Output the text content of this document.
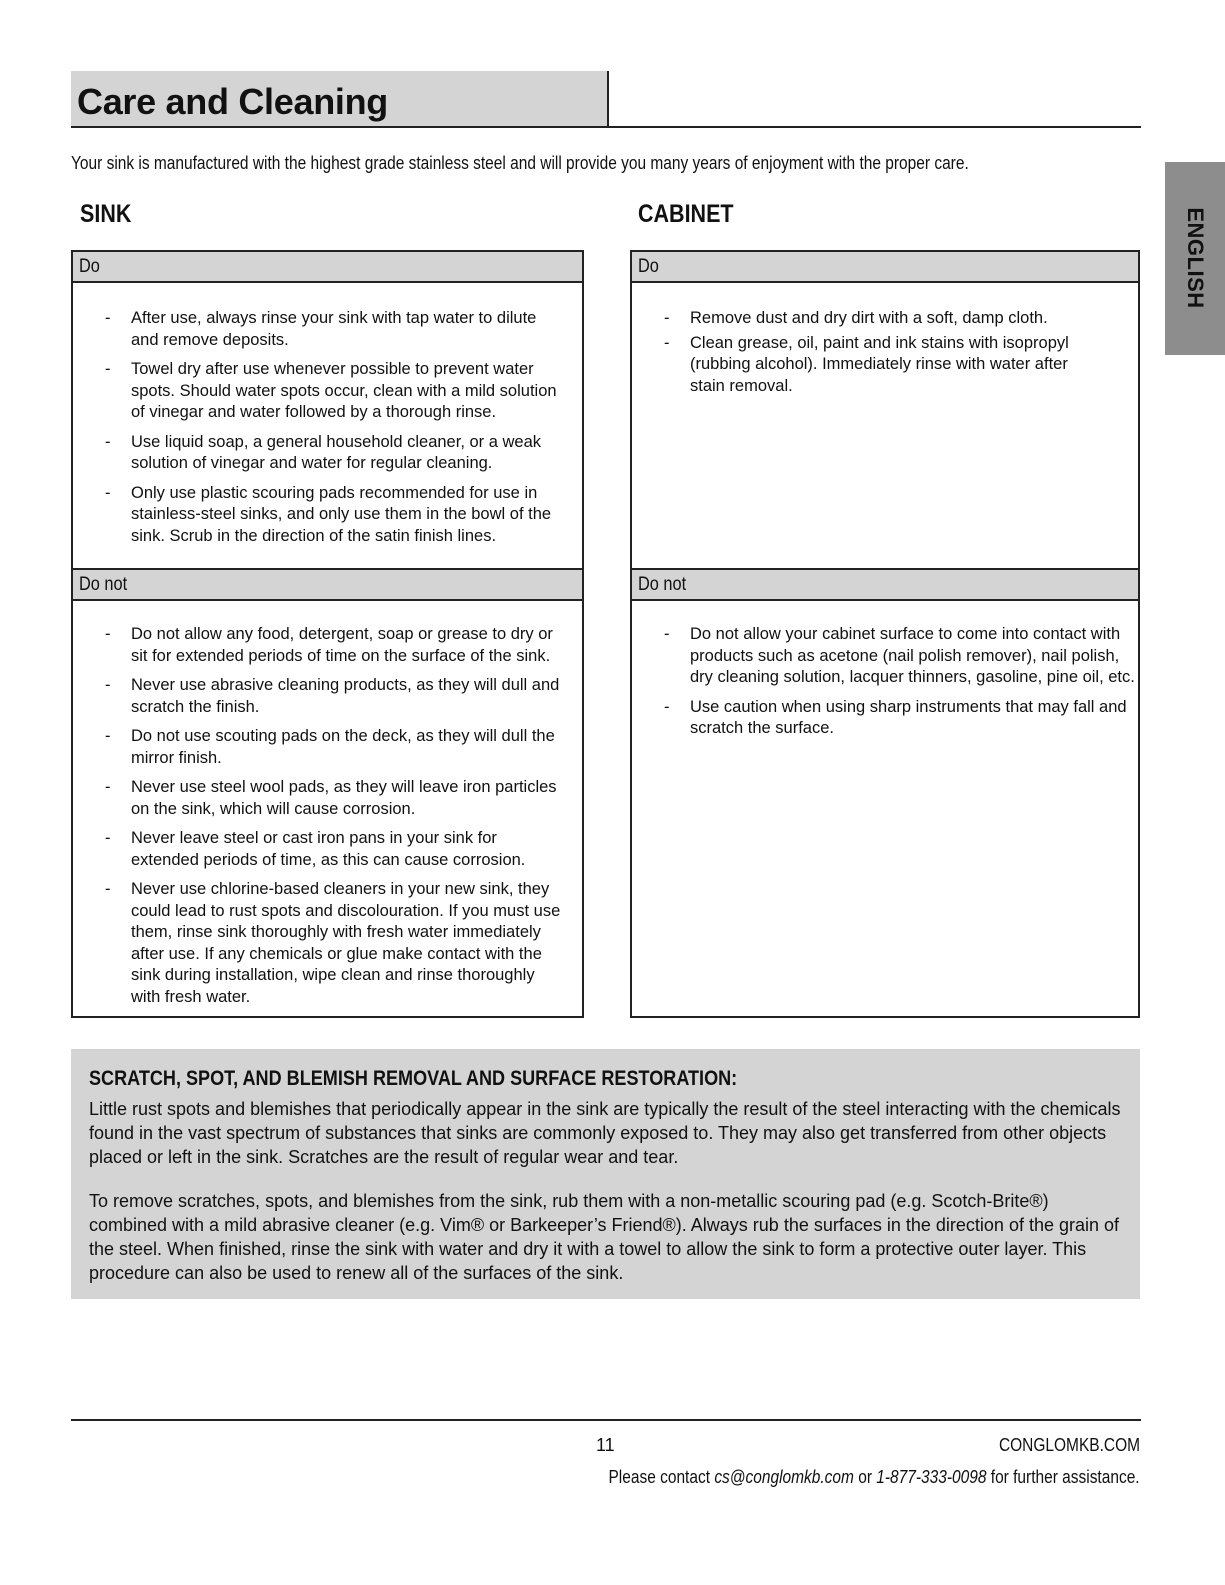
Care and Cleaning
Your sink is manufactured with the highest grade stainless steel and will provide you many years of enjoyment with the proper care.
ENGLISH
SINK	CABINET
Do
- After use, always rinse your sink with tap water to dilute and remove deposits.
- Towel dry after use whenever possible to prevent water spots. Should water spots occur, clean with a mild solution of vinegar and water followed by a thorough rinse.
- Use liquid soap, a general household cleaner, or a weak solution of vinegar and water for regular cleaning.
- Only use plastic scouring pads recommended for use in stainless-steel sinks, and only use them in the bowl of the sink. Scrub in the direction of the satin finish lines.
Do not
- Do not allow any food, detergent, soap or grease to dry or sit for extended periods of time on the surface of the sink.
- Never use abrasive cleaning products, as they will dull and scratch the finish.
- Do not use scouting pads on the deck, as they will dull the mirror finish.
- Never use steel wool pads, as they will leave iron particles on the sink, which will cause corrosion.
- Never leave steel or cast iron pans in your sink for extended periods of time, as this can cause corrosion.
- Never use chlorine-based cleaners in your new sink, they could lead to rust spots and discolouration. If you must use them, rinse sink thoroughly with fresh water immediately after use. If any chemicals or glue make contact with the sink during installation, wipe clean and rinse thoroughly with fresh water.
Do
- Remove dust and dry dirt with a soft, damp cloth.
- Clean grease, oil, paint and ink stains with isopropyl (rubbing alcohol). Immediately rinse with water after stain removal.
Do not
- Do not allow your cabinet surface to come into contact with products such as acetone (nail polish remover), nail polish, dry cleaning solution, lacquer thinners, gasoline, pine oil, etc.
- Use caution when using sharp instruments that may fall and scratch the surface.
SCRATCH, SPOT, AND BLEMISH REMOVAL AND SURFACE RESTORATION:

Little rust spots and blemishes that periodically appear in the sink are typically the result of the steel interacting with the chemicals found in the vast spectrum of substances that sinks are commonly exposed to. They may also get transferred from other objects placed or left in the sink. Scratches are the result of regular wear and tear.

To remove scratches, spots, and blemishes from the sink, rub them with a non-metallic scouring pad (e.g. Scotch-Brite®) combined with a mild abrasive cleaner (e.g. Vim® or Barkeeper’s Friend®). Always rub the surfaces in the direction of the grain of the steel. When finished, rinse the sink with water and dry it with a towel to allow the sink to form a protective outer layer. This procedure can also be used to renew all of the surfaces of the sink.

11	CONGLOMKB.COM
Please contact cs@conglomkb.com or 1-877-333-0098 for further assistance.
